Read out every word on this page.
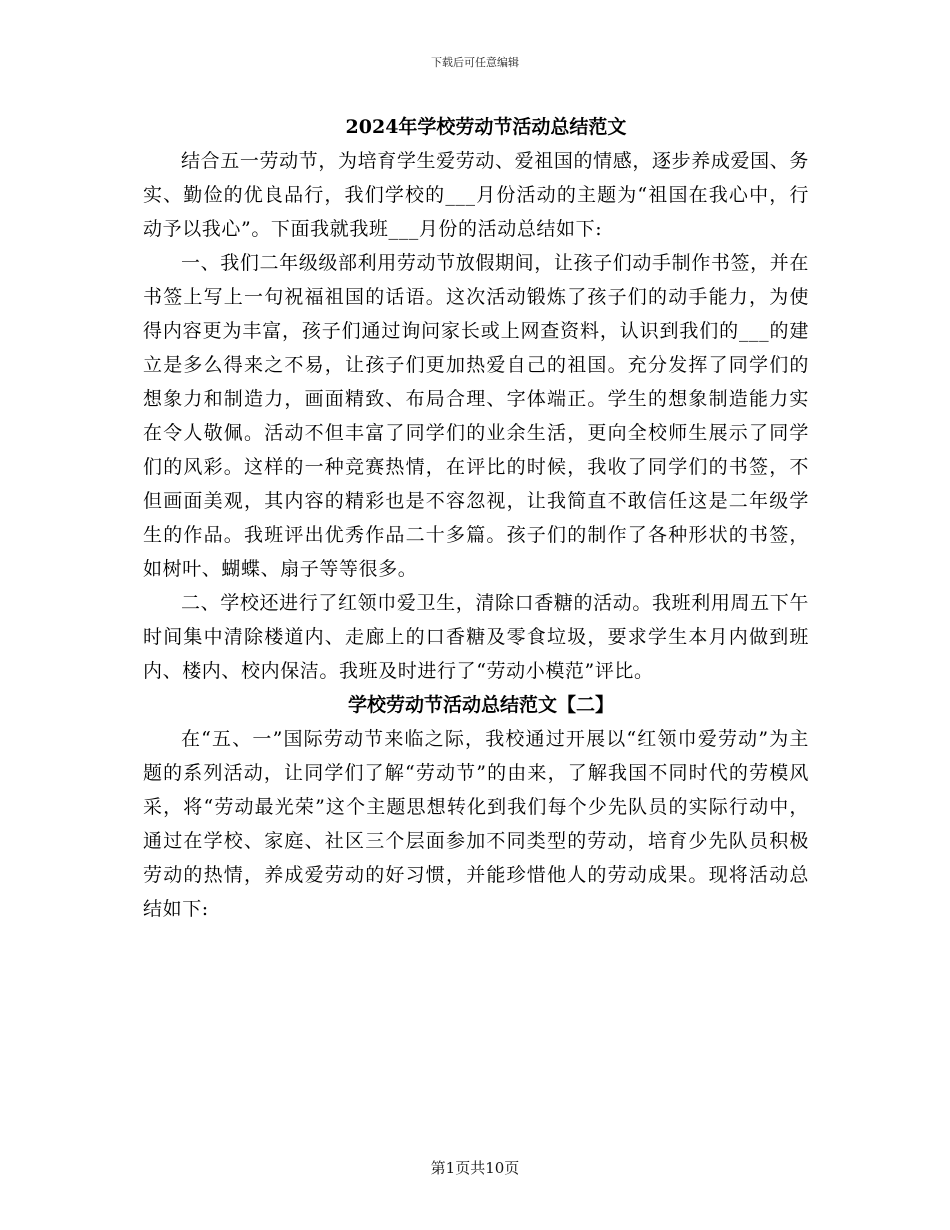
下载后可任意编辑
2024年学校劳动节活动总结范文

结合五一劳动节，为培育学生爱劳动、爱祖国的情感，逐步养成爱国、务实、勤俭的优良品行，我们学校的___月份活动的主题为“祖国在我心中，行动予以我心”。下面我就我班___月份的活动总结如下:

一、我们二年级级部利用劳动节放假期间，让孩子们动手制作书签，并在书签上写上一句祝福祖国的话语。这次活动锻炼了孩子们的动手能力，为使得内容更为丰富，孩子们通过询问家长或上网查资料，认识到我们的___的建立是多么得来之不易，让孩子们更加热爱自己的祖国。充分发挥了同学们的想象力和制造力，画面精致、布局合理、字体端正。学生的想象制造能力实在令人敬佩。活动不但丰富了同学们的业余生活，更向全校师生展示了同学们的风彩。这样的一种竞赛热情，在评比的时候，我收了同学们的书签，不但画面美观，其内容的精彩也是不容忽视，让我简直不敢信任这是二年级学生的作品。我班评出优秀作品二十多篇。孩子们的制作了各种形状的书签，如树叶、蝴蝶、扇子等等很多。

二、学校还进行了红领巾爱卫生，清除口香糖的活动。我班利用周五下午时间集中清除楼道内、走廊上的口香糖及零食垃圾，要求学生本月内做到班内、楼内、校内保洁。我班及时进行了“劳动小模范”评比。

学校劳动节活动总结范文【二】

在“五、一”国际劳动节来临之际，我校通过开展以“红领巾爱劳动”为主题的系列活动，让同学们了解“劳动节”的由来，了解我国不同时代的劳模风采，将“劳动最光荣”这个主题思想转化到我们每个少先队员的实际行动中，通过在学校、家庭、社区三个层面参加不同类型的劳动，培育少先队员积极劳动的热情，养成爱劳动的好习惯，并能珍惜他人的劳动成果。现将活动总结如下:

第1页共10页
